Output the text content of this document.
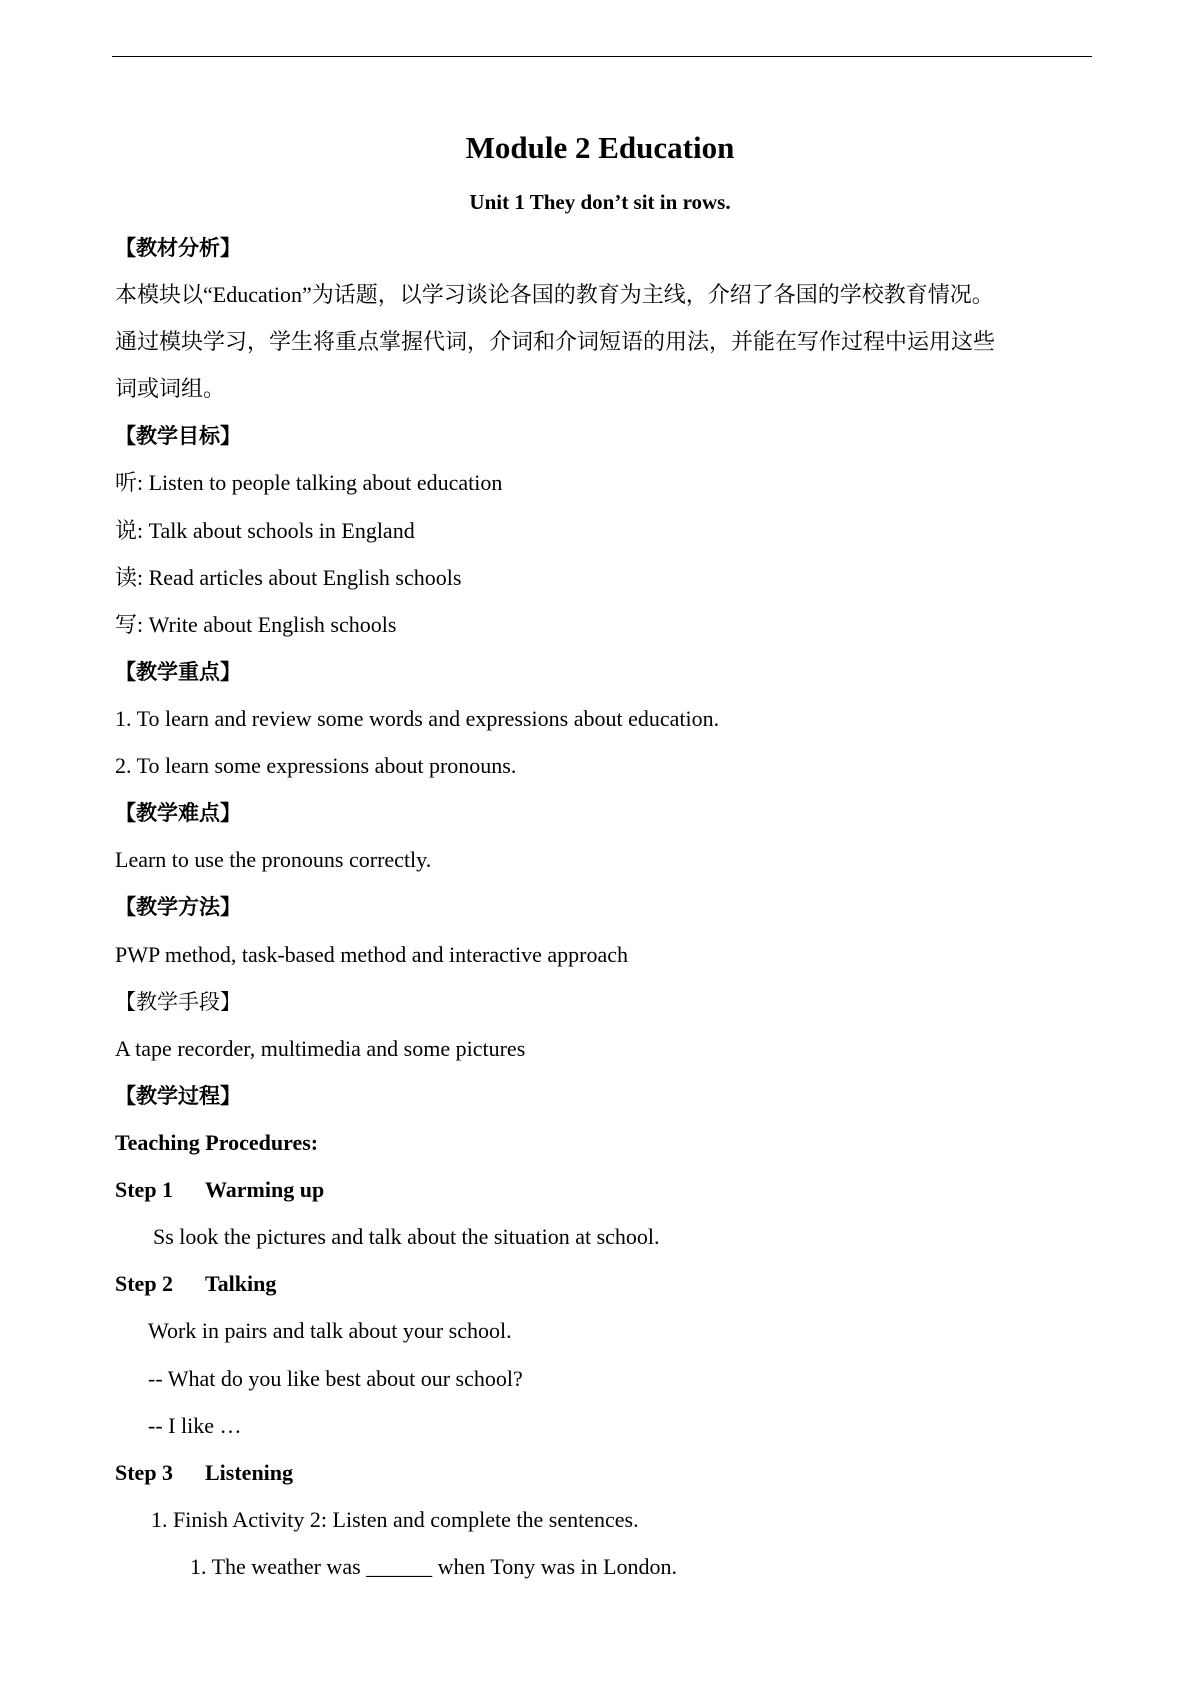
Module 2 Education
Unit 1 They don’t sit in rows.
【教材分析】
本模块以“Education”为话题，以学习谈论各国的教育为主线，介绍了各国的学校教育情况。
通过模块学习，学生将重点掌握代词，介词和介词短语的用法，并能在写作过程中运用这些
词或词组。
【教学目标】
听: Listen to people talking about education
说: Talk about schools in England
读: Read articles about English schools
写: Write about English schools
【教学重点】
1. To learn and review some words and expressions about education.
2. To learn some expressions about pronouns.
【教学难点】
Learn to use the pronouns correctly.
【教学方法】
PWP method, task-based method and interactive approach
【教学手段】
A tape recorder, multimedia and some pictures
【教学过程】
Teaching Procedures:
Step 1 Warming up
Ss look the pictures and talk about the situation at school.
Step 2 Talking
Work in pairs and talk about your school.
-- What do you like best about our school?
-- I like …
Step 3 Listening
1. Finish Activity 2: Listen and complete the sentences.
1. The weather was ______ when Tony was in London.
